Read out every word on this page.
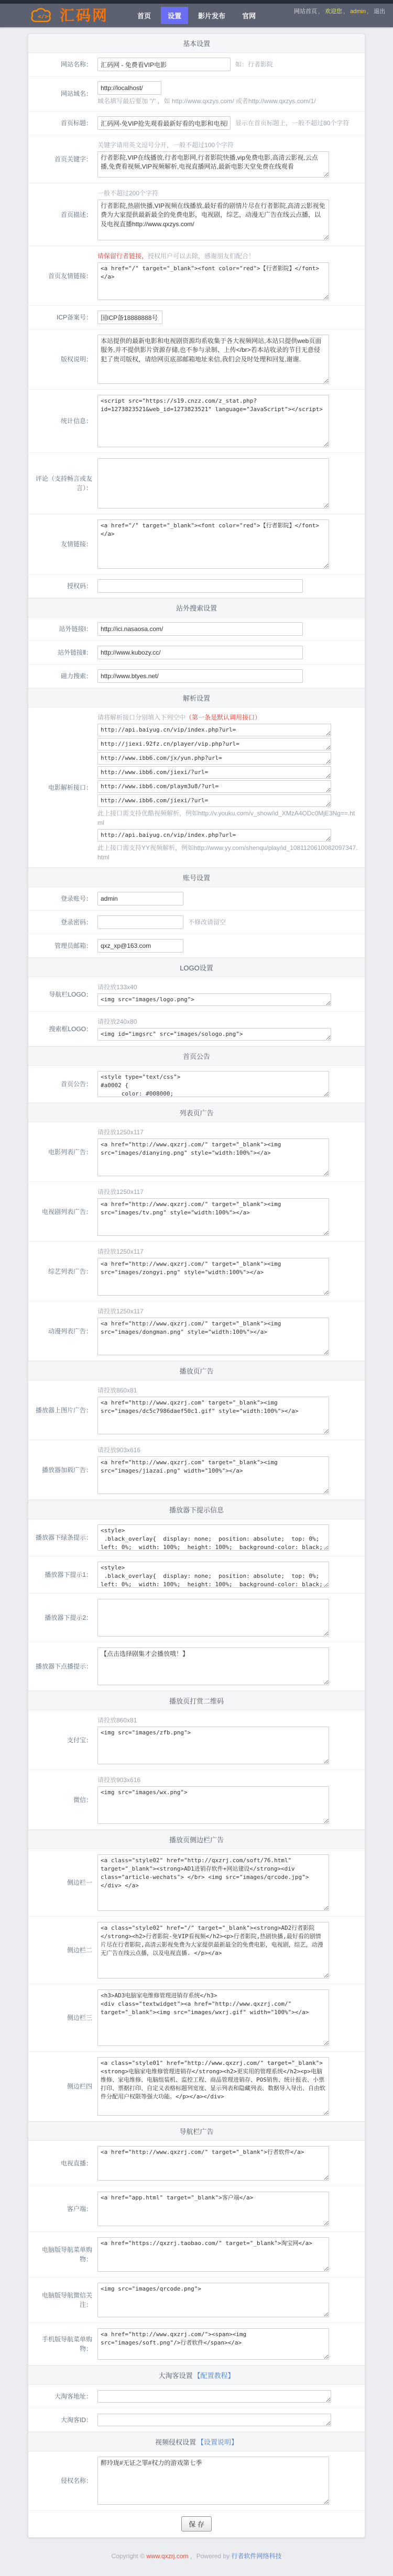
</> 汇码网	首页	设置	影片发布	官网
网站首页 ， 欢迎您 ， admin ， 退出
基本设置
网站名称：
汇码网 - 免费看VIP电影	如：行者影院
网站域名：
http://localhost/
域名填写最后要加 "/" ，如 http://www.qxzys.com/ 或者http://www.qxzys.com/1/
首页标题：
汇码网-免VIP抢先观看最新好看的电影和电视剧	显示在首页标题上，一般不超过80个字符
首页关键字：
关键字请用英文逗号分开，一般不超过100个字符
行者影院,VIP在线播放,行者电影网,行者影院快播,vip免费电影,高清云影视,云点播,免费看视频,VIP视频解析,电视直播网站,最新电影天堂免费在线观看
首页描述：
一般不超过200个字符
行者影院,热剧快播,VIP视频在线播放,最好看的剧情片尽在行者影院,高清云影视免费为大家提供最新最全的免费电影，电视剧，综艺，动漫无广告在线云点播，以及电视直播http://www.qxzys.com/
首页友情链接：
请保留行者链接，授权用户可以去除，感谢朋友们配合！
<a href="/" target="_blank"><font color="red">【行者影院】</font></a>
ICP备案号：
国ICP备18888888号
版权说明：
本站提供的最新电影和电视剧资源均系收集于各大视频网站,本站只提供web页面服务,并不提供影片资源存储,也不参与录制、上传</br>若本站收录的节目无意侵犯了贵司版权，请给网页底部邮箱地址来信,我们会及时处理和回复,谢谢.
统计信息：
<script src="https://s19.cnzz.com/z_stat.php?id=1273823521&web_id=1273823521" language="JavaScript"></script>
评论（支持畅言或友言）：
友情链接：
<a href="/" target="_blank"><font color="red">【行者影院】</font></a>
授权码：
站外搜索设置
站外链接Ⅰ：
http://ici.nasaosa.com/
站外链接Ⅱ：
http://www.kubozy.cc/
磁力搜索：
http://www.btyes.net/
解析设置
电影解析接口：
请将解析接口分别填入下列空中（第一条是默认调用接口）
http://api.baiyug.cn/vip/index.php?url=
http://jiexi.92fz.cn/player/vip.php?url=
http://www.ibb6.com/jx/yun.php?url=
http://www.ibb6.com/jiexi/?url=
http://www.ibb6.com/playm3u8/?url=
http://www.ibb6.com/jiexi/?url=
此上接口需支持优酷视频解析，例如http://v.youku.com/v_show/id_XMzA4ODc0MjE3Ng==.html
http://api.baiyug.cn/vip/index.php?url=
此上接口需支持YY视频解析，例如http://www.yy.com/shenqu/play/id_1081120610082097347.html
账号设置
登录账号：
admin
登录密码：	不修改请留空
管理员邮箱：
qxz_xp@163.com
LOGO设置
导航栏LOGO：
请投放133x40
<img src="images/logo.png">
搜索框LOGO：
请投放240x80
<img id="imgsrc" src="images/sologo.png">
首页公告
首页公告：
<style type="text/css"> #a0002 { color: #008000;
列表页广告
电影列表广告：
请投放1250x117
<a href="http://www.qxzrj.com/" target="_blank"><img src="images/dianying.png" style="width:100%"></a>
电视剧列表广告：
请投放1250x117
<a href="http://www.qxzrj.com/" target="_blank"><img src="images/tv.png" style="width:100%"></a>
综艺列表广告：
请投放1250x117
<a href="http://www.qxzrj.com/" target="_blank"><img src="images/zongyi.png" style="width:100%"></a>
动漫列表广告：
请投放1250x117
<a href="http://www.qxzrj.com/" target="_blank"><img src="images/dongman.png" style="width:100%"></a>
播放页广告
播放器上图片广告：
请投放860x81
<a href="http://www.qxzrj.com" target="_blank"><img src="images/dc5c7986daef50c1.gif" style="width:100%"></a>
播放器加载广告：
请投放903x616
<a href="http://www.qxzrj.com" target="_blank"><img src="images/jiazai.png" width="100%"></a>
播放器下提示信息
播放器下绿条提示：
<style> .black_overlay{ display: none; position: absolute; top: 0%; left: 0%; width: 100%; height: 100%; background-color: black; z-index:1001; -moz-opacity:
播放器下提示1：
<style> .black_overlay{ display: none; position: absolute; top: 0%; left: 0%; width: 100%; height: 100%; background-color: black; z-index:1001; -moz-opacity:
播放器下提示2：
播放器下点播提示：
【点击选择剧集才会播放哦！】
播放页打赏二维码
支付宝：
请投放860x81
<img src="images/zfb.png">
微信：
请投放903x616
<img src="images/wx.png">
播放页侧边栏广告
侧边栏一
<a class="style02" href="http://qxzrj.com/soft/76.html" target="_blank"><strong>AD1进销存软件+网站建设</strong><div class="article-wechats"> </br> <img src="images/qrcode.jpg"></div> </a>
侧边栏二
<a class="style02" href="/" target="_blank"><strong>AD2行者影院</strong><h2>行者影院-免VIP看视频</h2><p>行者影院,热剧快播,最好看的剧情片尽在行者影院,高清云影视免费为大家提供最新最全的免费电影，电视剧，综艺，动漫无广告在线云点播，以及电视直播. </p></a>
侧边栏三
<h3>AD3电脑家电维修管理进销存系统</h3> <div class="textwidget"><a href="http://www.qxzrj.com/" target="_blank"><img src="images/wxrj.gif" width="100%"></a>
侧边栏四
<a class="style01" href="http://www.qxzrj.com/" target="_blank"><strong>电脑家电维修管理进销存</strong><h2>更实用的管理系统</h2><p>电脑维修、家电维修、电脑组装机、监控工程、商品管理进销存、POS销售、统计报表、小票打印、票据打印、自定义表格标题列宽度、显示列表和隐藏列表、数据导入导出、自由软件分配用户权限等强大功能。</p></a></div>
导航栏广告
电视直播：
<a href="http://www.qxzrj.com/" target="_blank">行者软件</a>
客户端：
<a href="app.html" target="_blank">客户端</a>
电脑版导航菜单购物：
<a href="https://qxzrj.taobao.com/" target="_blank">淘宝网</a>
电脑版导航微信关注：
<img src="images/qrcode.png">
手机版导航菜单购物：
<a href="http://www.qxzrj.com/"><span><img src="images/soft.png"/>行者软件</span></a>
大淘客设置 【配置教程】
大淘客地址：
大淘客ID：
视频侵权设置 【设置说明】
侵权名称：
醉玲珑#无证之罪#权力的游戏第七季
保 存
Copyright © www.qxzrj.com ，Powered by 行者软件网络科技
